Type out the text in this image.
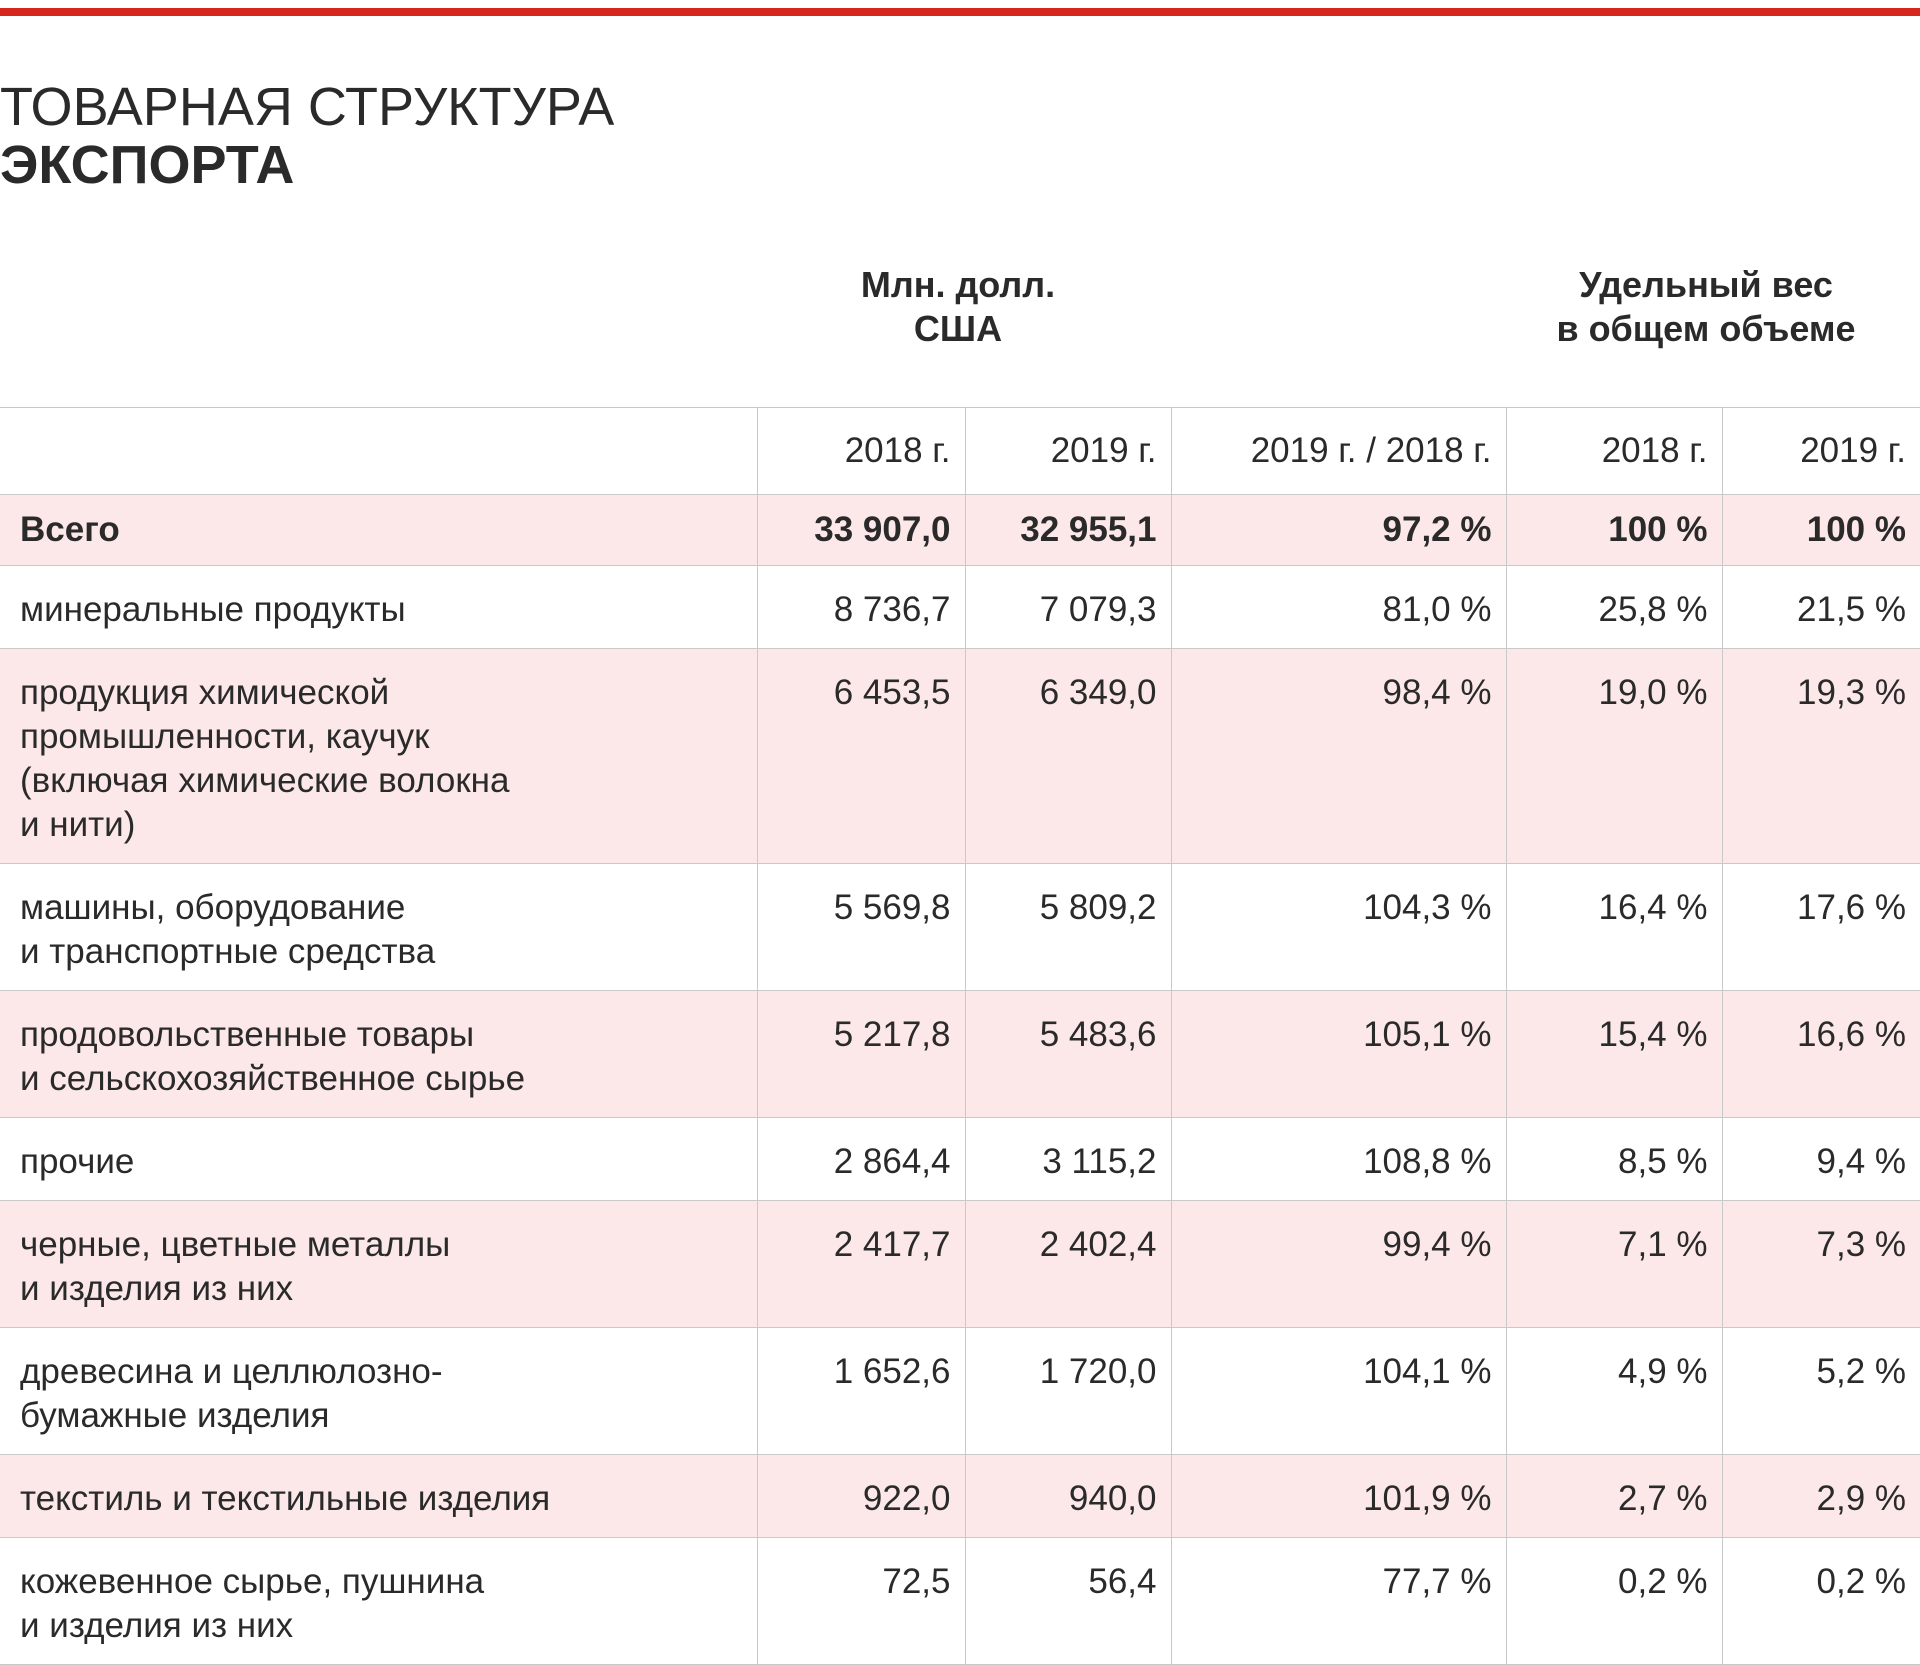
ТОВАРНАЯ СТРУКТУРА
ЭКСПОРТА
Млн. долл.
США
Удельный вес
в общем объеме
	2018 г.	2019 г.	2019 г. / 2018 г.	2018 г.	2019 г.
Всего	33 907,0	32 955,1	97,2 %	100 %	100 %

минеральные продукты	8 736,7	7 079,3	81,0 %	25,8 %	21,5 %

продукция химической
промышленности, каучук
(включая химические волокна
и нити)	6 453,5	6 349,0	98,4 %	19,0 %	19,3 %

машины, оборудование
и транспортные средства	5 569,8	5 809,2	104,3 %	16,4 %	17,6 %

продовольственные товары
и сельскохозяйственное сырье	5 217,8	5 483,6	105,1 %	15,4 %	16,6 %

прочие	2 864,4	3 115,2	108,8 %	8,5 %	9,4 %

черные, цветные металлы
и изделия из них	2 417,7	2 402,4	99,4 %	7,1 %	7,3 %

древесина и целлюлозно-
бумажные изделия	1 652,6	1 720,0	104,1 %	4,9 %	5,2 %

текстиль и текстильные изделия	922,0	940,0	101,9 %	2,7 %	2,9 %

кожевенное сырье, пушнина
и изделия из них	72,5	56,4	77,7 %	0,2 %	0,2 %
